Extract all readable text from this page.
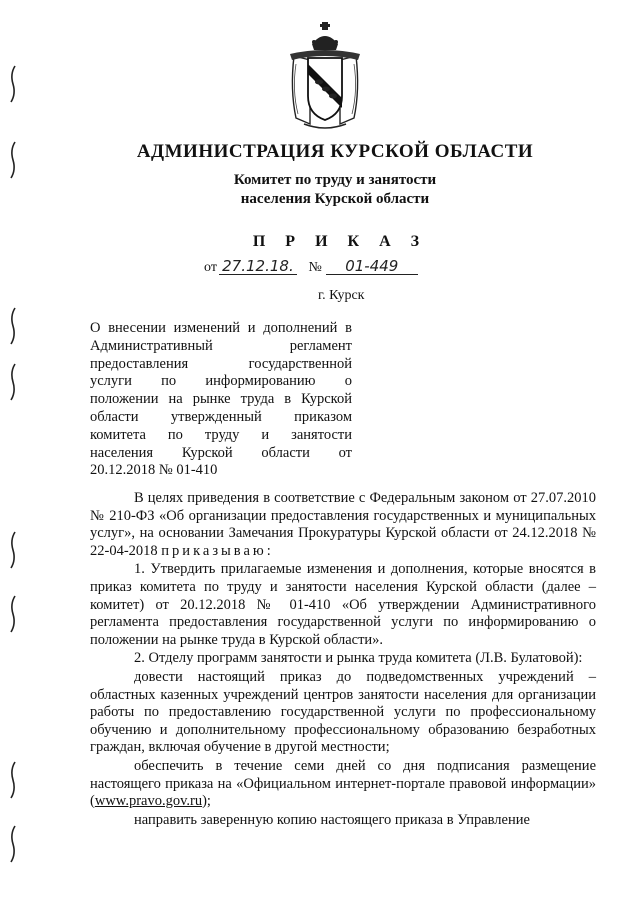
АДМИНИСТРАЦИЯ КУРСКОЙ ОБЛАСТИ
Комитет по труду и занятости
населения Курской области
П Р И К А З
от 27.12.18. № 01-449
г. Курск
О внесении изменений и дополнений в
Административный регламент
предоставления государственной
услуги по информированию о
положении на рынке труда в Курской
области утвержденный приказом
комитета по труду и занятости
населения Курской области от
20.12.2018 № 01-410

В целях приведения в соответствие с Федеральным законом от 27.07.2010 № 210-ФЗ «Об организации предоставления государственных и муниципальных услуг», на основании Замечания Прокуратуры Курской области от 24.12.2018 № 22-04-2018 приказываю:

1. Утвердить прилагаемые изменения и дополнения, которые вносятся в приказ комитета по труду и занятости населения Курской области (далее – комитет) от 20.12.2018 № 01-410 «Об утверждении Административного регламента предоставления государственной услуги по информированию о положении на рынке труда в Курской области».

2. Отделу программ занятости и рынка труда комитета (Л.В. Булатовой):

довести настоящий приказ до подведомственных учреждений – областных казенных учреждений центров занятости населения для организации работы по предоставлению государственной услуги по профессиональному обучению и дополнительному профессиональному образованию безработных граждан, включая обучение в другой местности;

обеспечить в течение семи дней со дня подписания размещение настоящего приказа на «Официальном интернет-портале правовой информации» (www.pravo.gov.ru);

направить заверенную копию настоящего приказа в Управление
